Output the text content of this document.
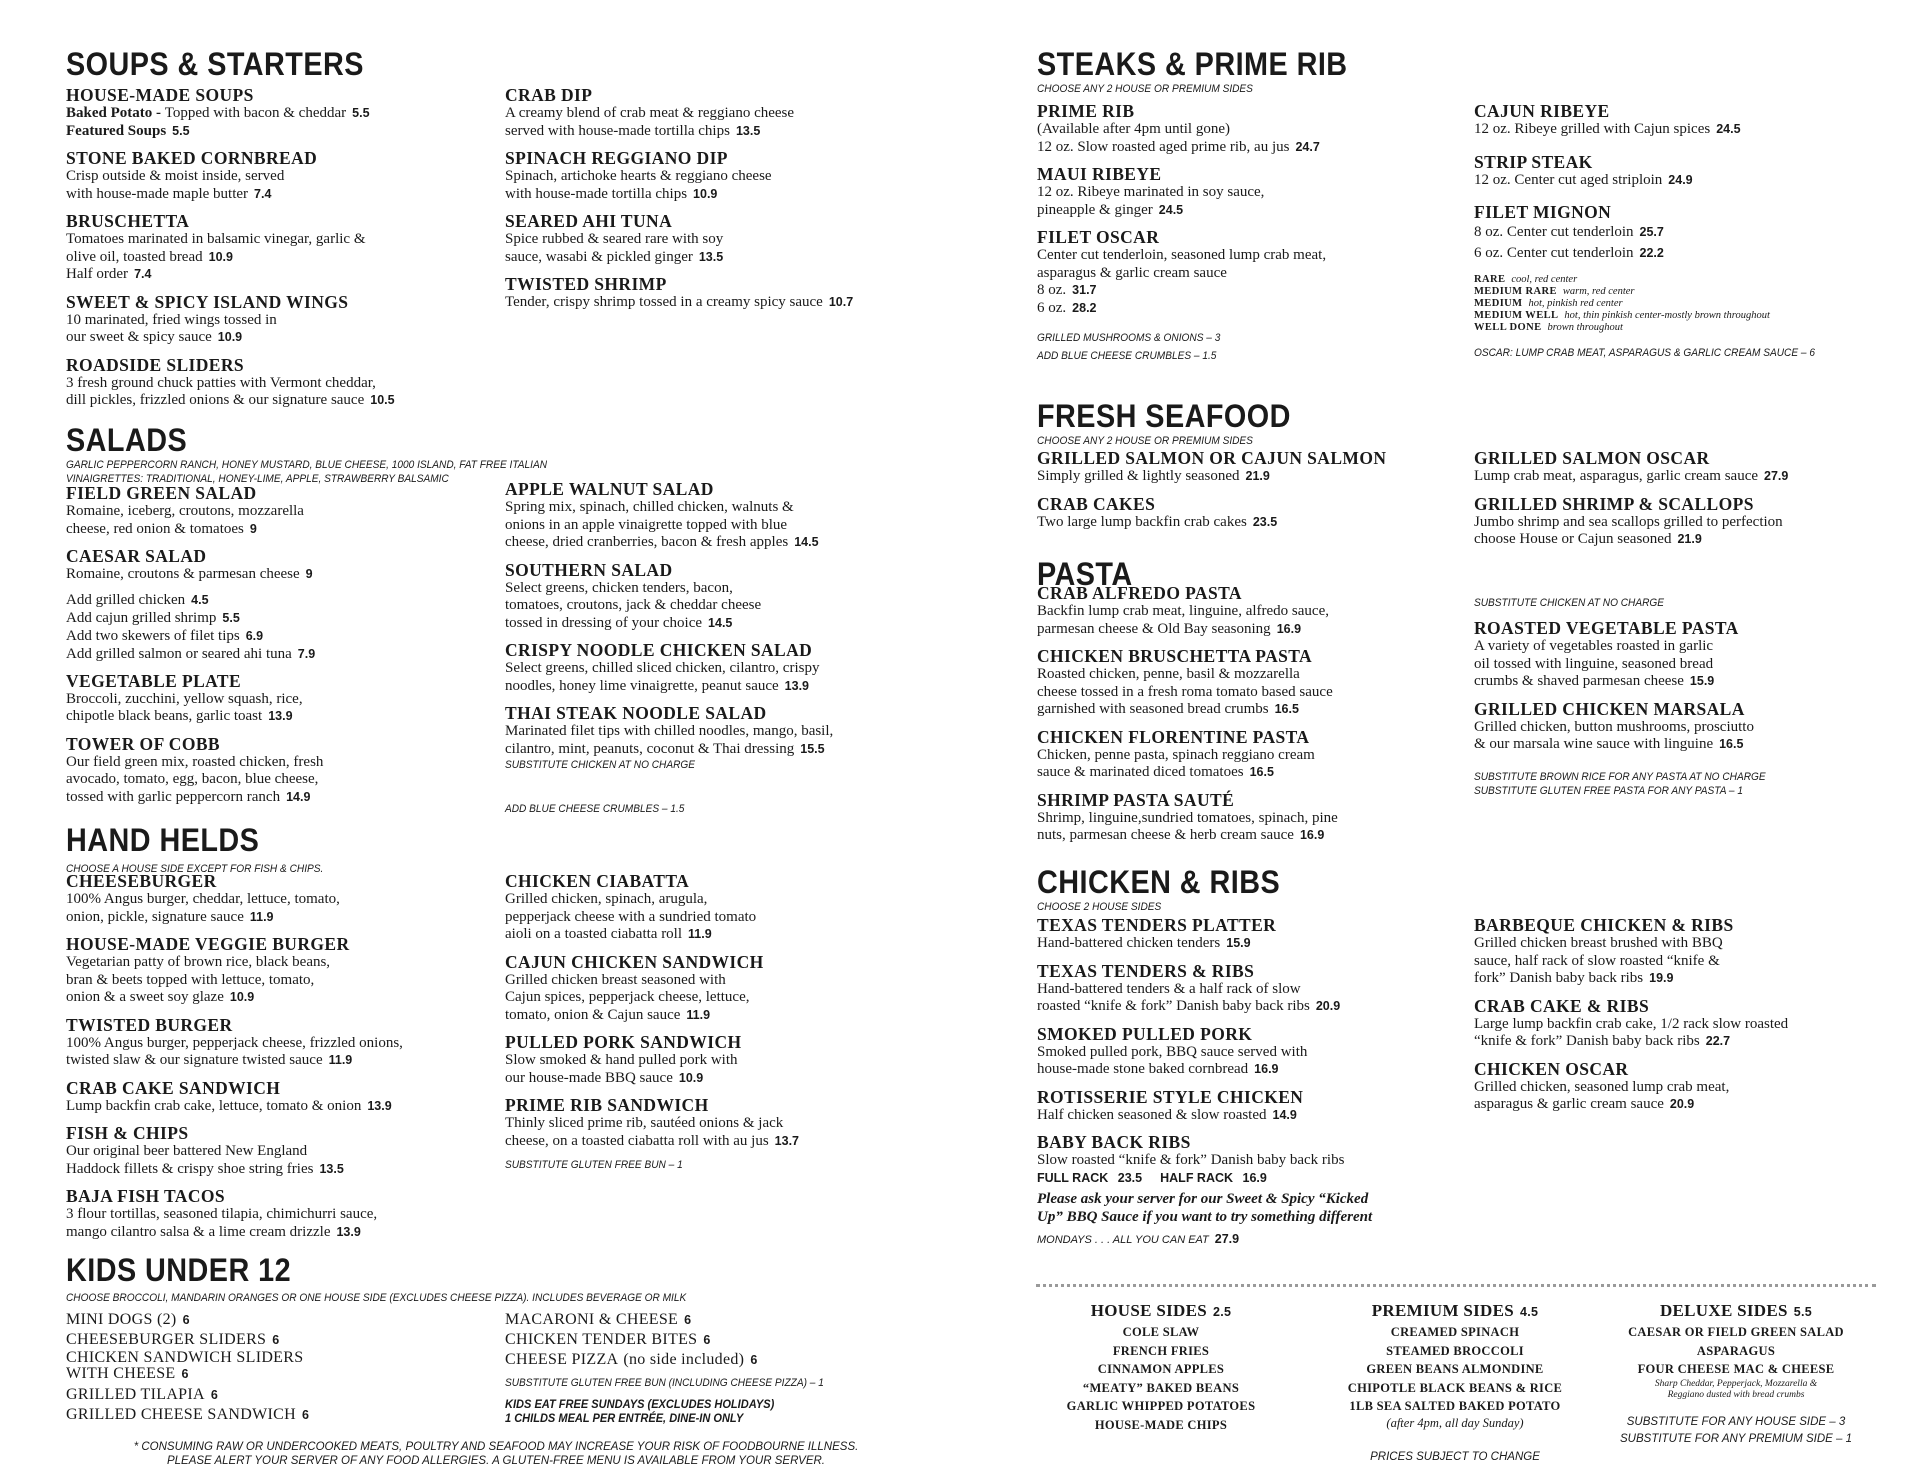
SOUPS & STARTERS
HOUSE-MADE SOUPS
Baked Potato - Topped with bacon & cheddar 5.5
Featured Soups 5.5
STONE BAKED CORNBREAD
Crisp outside & moist inside, served
with house-made maple butter 7.4
BRUSCHETTA
Tomatoes marinated in balsamic vinegar, garlic &
olive oil, toasted bread 10.9
Half order 7.4
SWEET & SPICY ISLAND WINGS
10 marinated, fried wings tossed in
our sweet & spicy sauce 10.9
ROADSIDE SLIDERS
3 fresh ground chuck patties with Vermont cheddar,
dill pickles, frizzled onions & our signature sauce 10.5
CRAB DIP
A creamy blend of crab meat & reggiano cheese
served with house-made tortilla chips 13.5
SPINACH REGGIANO DIP
Spinach, artichoke hearts & reggiano cheese
with house-made tortilla chips 10.9
SEARED AHI TUNA
Spice rubbed & seared rare with soy
sauce, wasabi & pickled ginger 13.5
TWISTED SHRIMP
Tender, crispy shrimp tossed in a creamy spicy sauce 10.7
SALADS
GARLIC PEPPERCORN RANCH, HONEY MUSTARD, BLUE CHEESE, 1000 ISLAND, FAT FREE ITALIAN
VINAIGRETTES: TRADITIONAL, HONEY-LIME, APPLE, STRAWBERRY BALSAMIC
FIELD GREEN SALAD
Romaine, iceberg, croutons, mozzarella
cheese, red onion & tomatoes 9
CAESAR SALAD
Romaine, croutons & parmesan cheese 9
Add grilled chicken 4.5
Add cajun grilled shrimp 5.5
Add two skewers of filet tips 6.9
Add grilled salmon or seared ahi tuna 7.9
VEGETABLE PLATE
Broccoli, zucchini, yellow squash, rice,
chipotle black beans, garlic toast 13.9
TOWER OF COBB
Our field green mix, roasted chicken, fresh
avocado, tomato, egg, bacon, blue cheese,
tossed with garlic peppercorn ranch 14.9
APPLE WALNUT SALAD
Spring mix, spinach, chilled chicken, walnuts &
onions in an apple vinaigrette topped with blue
cheese, dried cranberries, bacon & fresh apples 14.5
SOUTHERN SALAD
Select greens, chicken tenders, bacon,
tomatoes, croutons, jack & cheddar cheese
tossed in dressing of your choice 14.5
CRISPY NOODLE CHICKEN SALAD
Select greens, chilled sliced chicken, cilantro, crispy
noodles, honey lime vinaigrette, peanut sauce 13.9
THAI STEAK NOODLE SALAD
Marinated filet tips with chilled noodles, mango, basil,
cilantro, mint, peanuts, coconut & Thai dressing 15.5
SUBSTITUTE CHICKEN AT NO CHARGE
ADD BLUE CHEESE CRUMBLES – 1.5
HAND HELDS
CHOOSE A HOUSE SIDE EXCEPT FOR FISH & CHIPS.
CHEESEBURGER
100% Angus burger, cheddar, lettuce, tomato,
onion, pickle, signature sauce 11.9
HOUSE-MADE VEGGIE BURGER
Vegetarian patty of brown rice, black beans,
bran & beets topped with lettuce, tomato,
onion & a sweet soy glaze 10.9
TWISTED BURGER
100% Angus burger, pepperjack cheese, frizzled onions,
twisted slaw & our signature twisted sauce 11.9
CRAB CAKE SANDWICH
Lump backfin crab cake, lettuce, tomato & onion 13.9
FISH & CHIPS
Our original beer battered New England
Haddock fillets & crispy shoe string fries 13.5
BAJA FISH TACOS
3 flour tortillas, seasoned tilapia, chimichurri sauce,
mango cilantro salsa & a lime cream drizzle 13.9
CHICKEN CIABATTA
Grilled chicken, spinach, arugula,
pepperjack cheese with a sundried tomato
aioli on a toasted ciabatta roll 11.9
CAJUN CHICKEN SANDWICH
Grilled chicken breast seasoned with
Cajun spices, pepperjack cheese, lettuce,
tomato, onion & Cajun sauce 11.9
PULLED PORK SANDWICH
Slow smoked & hand pulled pork with
our house-made BBQ sauce 10.9
PRIME RIB SANDWICH
Thinly sliced prime rib, sautéed onions & jack
cheese, on a toasted ciabatta roll with au jus 13.7
SUBSTITUTE GLUTEN FREE BUN – 1
KIDS UNDER 12
CHOOSE BROCCOLI, MANDARIN ORANGES OR ONE HOUSE SIDE (EXCLUDES CHEESE PIZZA). INCLUDES BEVERAGE OR MILK
MINI DOGS (2) 6
CHEESEBURGER SLIDERS 6
CHICKEN SANDWICH SLIDERS
WITH CHEESE 6
GRILLED TILAPIA 6
GRILLED CHEESE SANDWICH 6
MACARONI & CHEESE 6
CHICKEN TENDER BITES 6
CHEESE PIZZA (no side included) 6
SUBSTITUTE GLUTEN FREE BUN (INCLUDING CHEESE PIZZA) – 1
KIDS EAT FREE SUNDAYS (EXCLUDES HOLIDAYS)
1 CHILDS MEAL PER ENTRÉE, DINE-IN ONLY
* CONSUMING RAW OR UNDERCOOKED MEATS, POULTRY AND SEAFOOD MAY INCREASE YOUR RISK OF FOODBOURNE ILLNESS.
PLEASE ALERT YOUR SERVER OF ANY FOOD ALLERGIES. A GLUTEN-FREE MENU IS AVAILABLE FROM YOUR SERVER.
STEAKS & PRIME RIB
CHOOSE ANY 2 HOUSE OR PREMIUM SIDES
PRIME RIB
(Available after 4pm until gone)
12 oz. Slow roasted aged prime rib, au jus 24.7
MAUI RIBEYE
12 oz. Ribeye marinated in soy sauce,
pineapple & ginger 24.5
FILET OSCAR
Center cut tenderloin, seasoned lump crab meat,
asparagus & garlic cream sauce
8 oz. 31.7
6 oz. 28.2
GRILLED MUSHROOMS & ONIONS – 3
ADD BLUE CHEESE CRUMBLES – 1.5
CAJUN RIBEYE
12 oz. Ribeye grilled with Cajun spices 24.5
STRIP STEAK
12 oz. Center cut aged striploin 24.9
FILET MIGNON
8 oz. Center cut tenderloin 25.7
6 oz. Center cut tenderloin 22.2
RARE cool, red center
MEDIUM RARE warm, red center
MEDIUM hot, pinkish red center
MEDIUM WELL hot, thin pinkish center-mostly brown throughout
WELL DONE brown throughout
OSCAR: LUMP CRAB MEAT, ASPARAGUS & GARLIC CREAM SAUCE – 6
FRESH SEAFOOD
CHOOSE ANY 2 HOUSE OR PREMIUM SIDES
GRILLED SALMON OR CAJUN SALMON
Simply grilled & lightly seasoned 21.9
CRAB CAKES
Two large lump backfin crab cakes 23.5
GRILLED SALMON OSCAR
Lump crab meat, asparagus, garlic cream sauce 27.9
GRILLED SHRIMP & SCALLOPS
Jumbo shrimp and sea scallops grilled to perfection
choose House or Cajun seasoned 21.9
PASTA
CRAB ALFREDO PASTA
Backfin lump crab meat, linguine, alfredo sauce,
parmesan cheese & Old Bay seasoning 16.9
CHICKEN BRUSCHETTA PASTA
Roasted chicken, penne, basil & mozzarella
cheese tossed in a fresh roma tomato based sauce
garnished with seasoned bread crumbs 16.5
CHICKEN FLORENTINE PASTA
Chicken, penne pasta, spinach reggiano cream
sauce & marinated diced tomatoes 16.5
SHRIMP PASTA SAUTÉ
Shrimp, linguine,sundried tomatoes, spinach, pine
nuts, parmesan cheese & herb cream sauce 16.9
SUBSTITUTE CHICKEN AT NO CHARGE
ROASTED VEGETABLE PASTA
A variety of vegetables roasted in garlic
oil tossed with linguine, seasoned bread
crumbs & shaved parmesan cheese 15.9
GRILLED CHICKEN MARSALA
Grilled chicken, button mushrooms, prosciutto
& our marsala wine sauce with linguine 16.5
SUBSTITUTE BROWN RICE FOR ANY PASTA AT NO CHARGE
SUBSTITUTE GLUTEN FREE PASTA FOR ANY PASTA – 1
CHICKEN & RIBS
CHOOSE 2 HOUSE SIDES
TEXAS TENDERS PLATTER
Hand-battered chicken tenders 15.9
TEXAS TENDERS & RIBS
Hand-battered tenders & a half rack of slow
roasted “knife & fork” Danish baby back ribs 20.9
SMOKED PULLED PORK
Smoked pulled pork, BBQ sauce served with
house-made stone baked cornbread 16.9
ROTISSERIE STYLE CHICKEN
Half chicken seasoned & slow roasted 14.9
BABY BACK RIBS
Slow roasted “knife & fork” Danish baby back ribs
FULL RACK 23.5 HALF RACK 16.9
Please ask your server for our Sweet & Spicy “Kicked
Up” BBQ Sauce if you want to try something different
MONDAYS . . . ALL YOU CAN EAT 27.9
BARBEQUE CHICKEN & RIBS
Grilled chicken breast brushed with BBQ
sauce, half rack of slow roasted “knife &
fork” Danish baby back ribs 19.9
CRAB CAKE & RIBS
Large lump backfin crab cake, 1/2 rack slow roasted
“knife & fork” Danish baby back ribs 22.7
CHICKEN OSCAR
Grilled chicken, seasoned lump crab meat,
asparagus & garlic cream sauce 20.9
HOUSE SIDES 2.5
COLE SLAW
FRENCH FRIES
CINNAMON APPLES
“MEATY” BAKED BEANS
GARLIC WHIPPED POTATOES
HOUSE-MADE CHIPS
PREMIUM SIDES 4.5
CREAMED SPINACH
STEAMED BROCCOLI
GREEN BEANS ALMONDINE
CHIPOTLE BLACK BEANS & RICE
1LB SEA SALTED BAKED POTATO
(after 4pm, all day Sunday)
PRICES SUBJECT TO CHANGE
DELUXE SIDES 5.5
CAESAR OR FIELD GREEN SALAD
ASPARAGUS
FOUR CHEESE MAC & CHEESE
Sharp Cheddar, Pepperjack, Mozzarella &
Reggiano dusted with bread crumbs
SUBSTITUTE FOR ANY HOUSE SIDE – 3
SUBSTITUTE FOR ANY PREMIUM SIDE – 1
